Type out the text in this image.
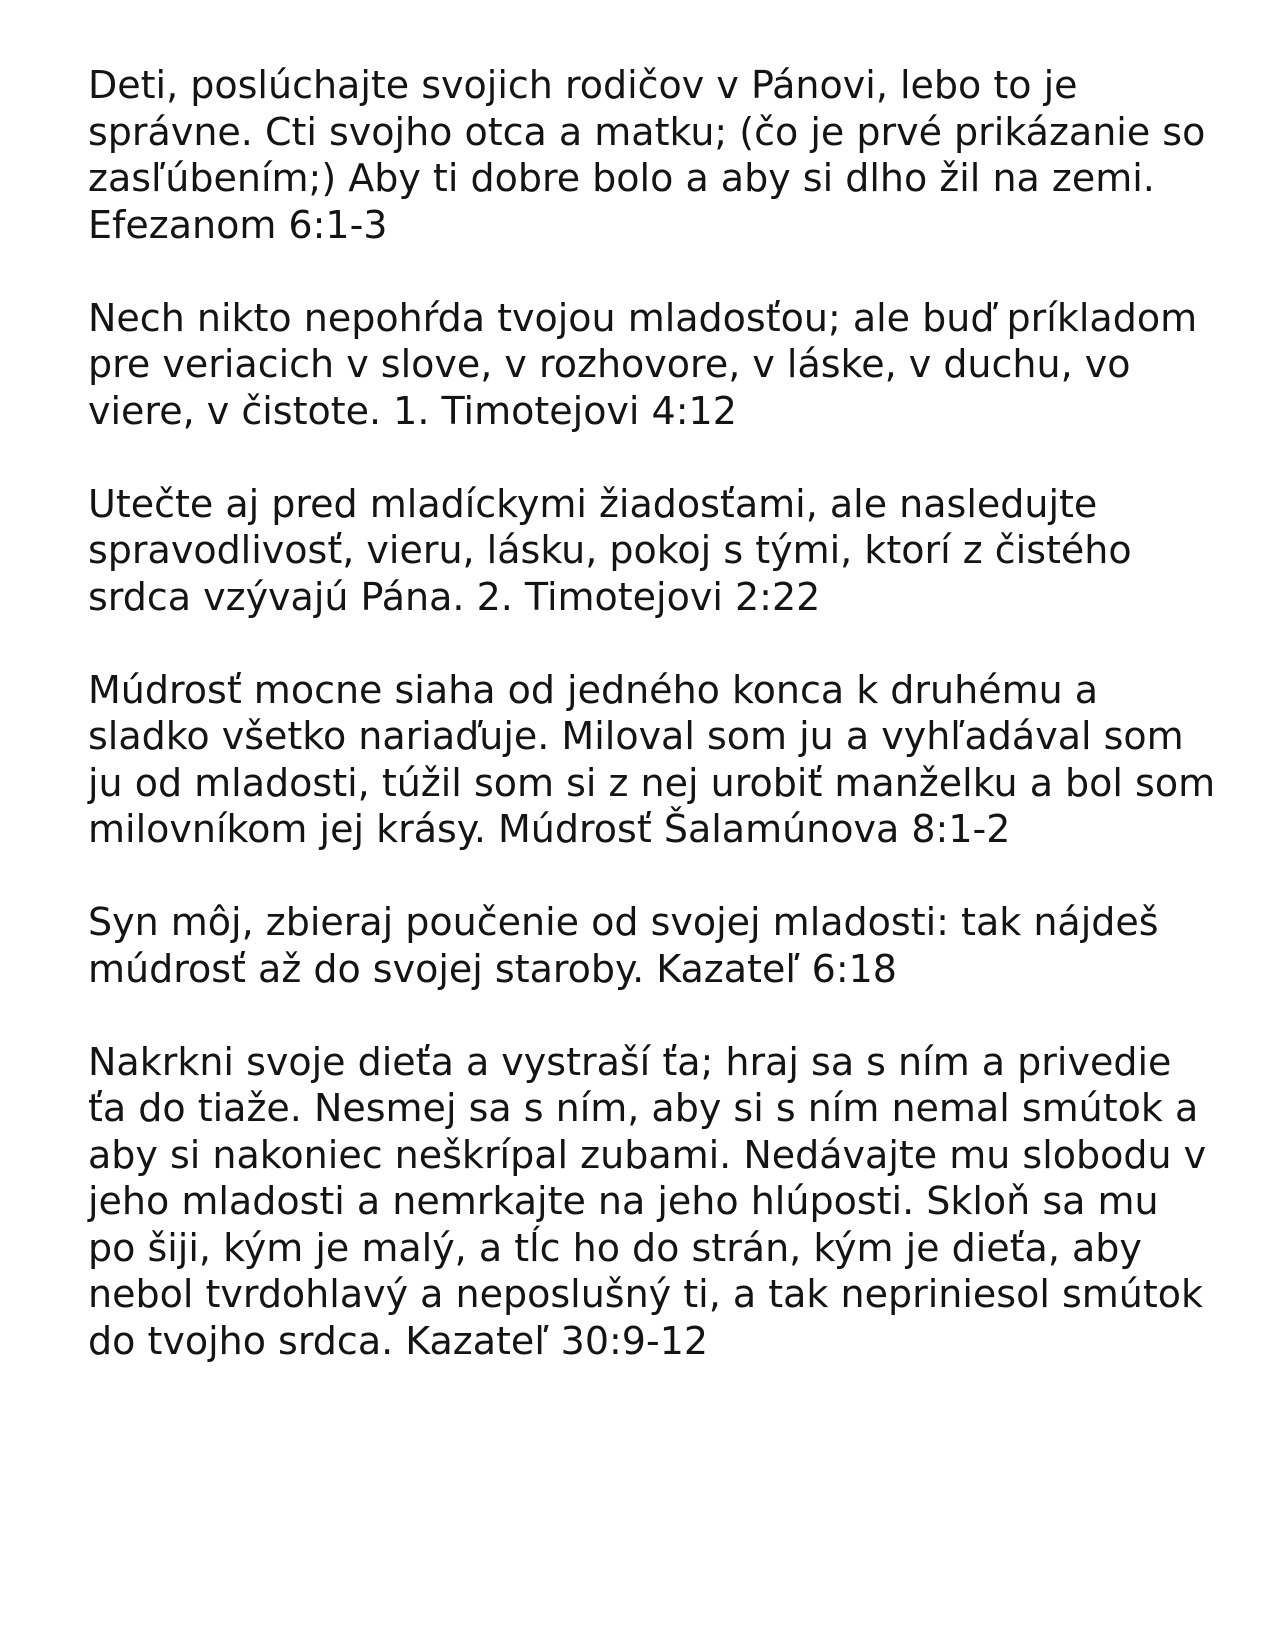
Deti, poslúchajte svojich rodičov v Pánovi, lebo to je správne. Cti svojho otca a matku; (čo je prvé prikázanie so zasľúbením;) Aby ti dobre bolo a aby si dlho žil na zemi. Efezanom 6:1-3

Nech nikto nepohŕda tvojou mladosťou; ale buď príkladom pre veriacich v slove, v rozhovore, v láske, v duchu, vo viere, v čistote. 1. Timotejovi 4:12

Utečte aj pred mladíckymi žiadosťami, ale nasledujte spravodlivosť, vieru, lásku, pokoj s tými, ktorí z čistého srdca vzývajú Pána. 2. Timotejovi 2:22

Múdrosť mocne siaha od jedného konca k druhému a sladko všetko nariaďuje. Miloval som ju a vyhľadával som ju od mladosti, túžil som si z nej urobiť manželku a bol som milovníkom jej krásy. Múdrosť Šalamúnova 8:1-2

Syn môj, zbieraj poučenie od svojej mladosti: tak nájdeš múdrosť až do svojej staroby. Kazateľ 6:18

Nakrkni svoje dieťa a vystraší ťa; hraj sa s ním a privedie ťa do tiaže. Nesmej sa s ním, aby si s ním nemal smútok a aby si nakoniec neškrípal zubami. Nedávajte mu slobodu v jeho mladosti a nemrkajte na jeho hlúposti. Skloň sa mu po šiji, kým je malý, a tĺc ho do strán, kým je dieťa, aby nebol tvrdohlavý a neposlušný ti, a tak nepriniesol smútok do tvojho srdca. Kazateľ 30:9-12
